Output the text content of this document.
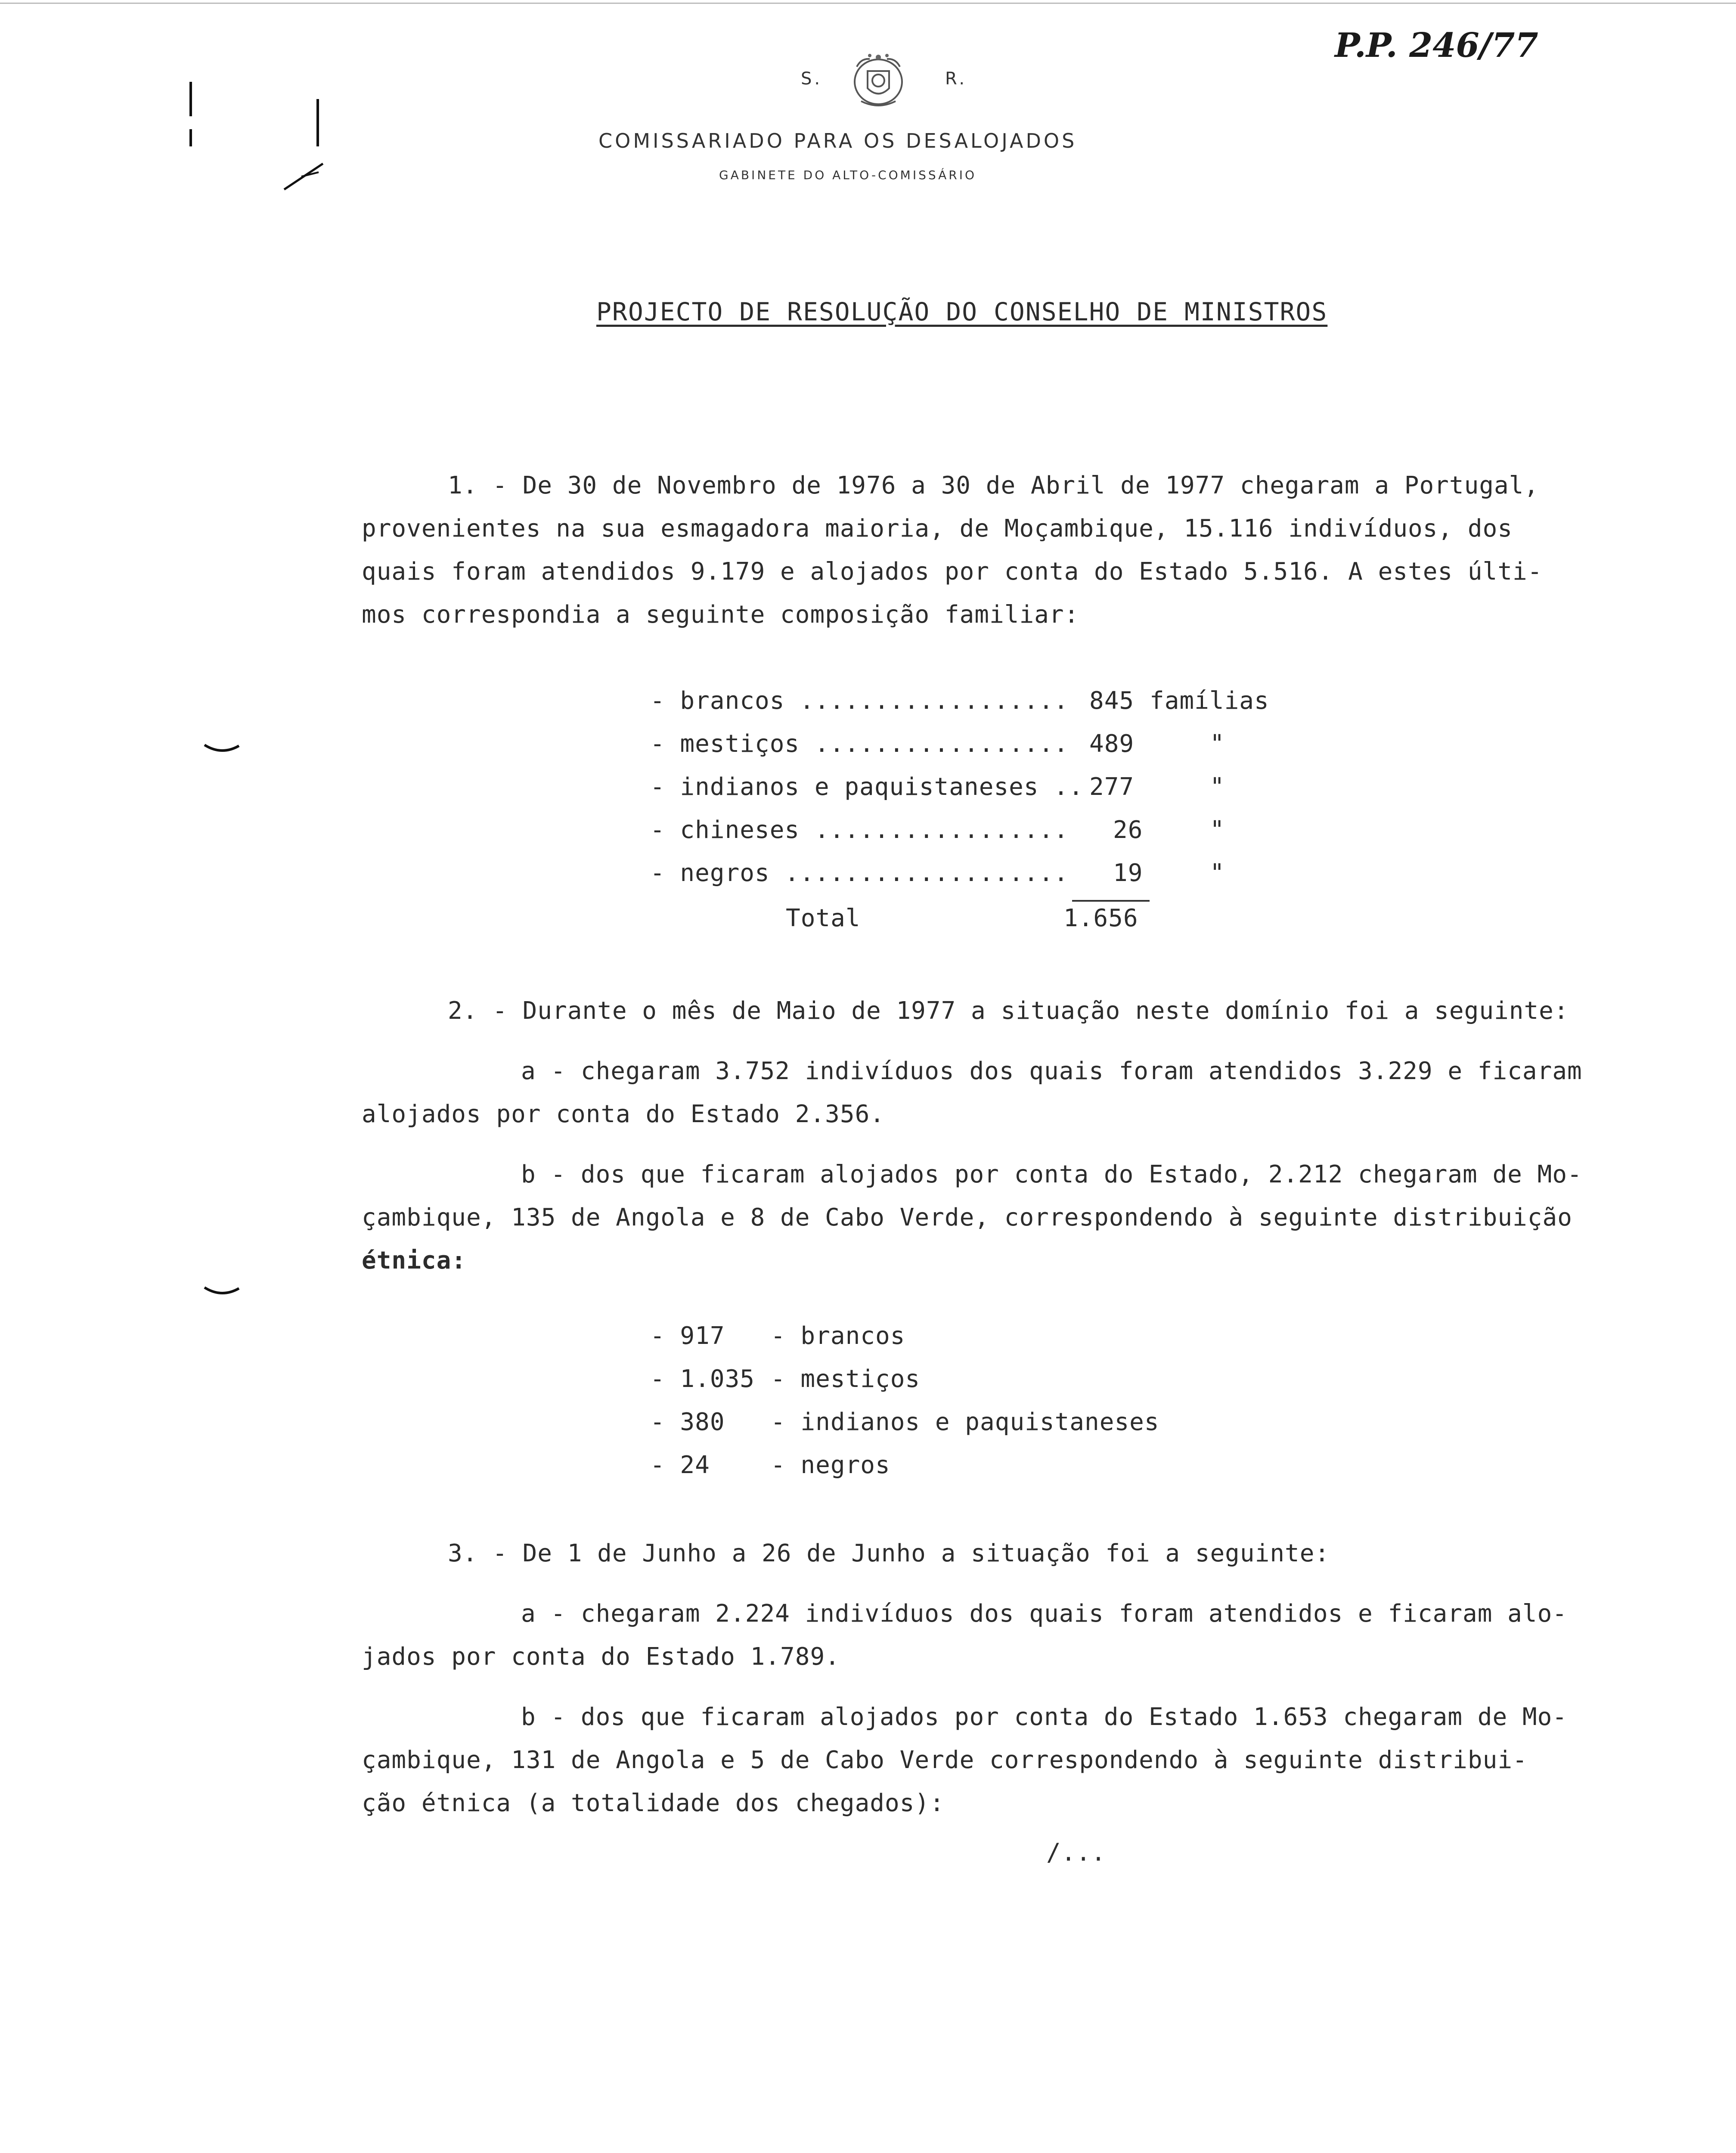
P.P. 246/77
S.	R.
COMISSARIADO PARA OS DESALOJADOS
GABINETE DO ALTO-COMISSÁRIO
PROJECTO DE RESOLUÇÃO DO CONSELHO DE MINISTROS
1. - De 30 de Novembro de 1976 a 30 de Abril de 1977 chegaram a Portugal,
provenientes na sua esmagadora maioria, de Moçambique, 15.116 indivíduos, dos
quais foram atendidos 9.179 e alojados por conta do Estado 5.516. A estes últi-
mos correspondia a seguinte composição familiar:
- brancos .................. 845 famílias
- mestiços ................. 489	"
- indianos e paquistaneses .. 277	"
- chineses ................. 26	"
- negros ................... 19	"
Total	1.656
2. - Durante o mês de Maio de 1977 a situação neste domínio foi a seguinte:
a - chegaram 3.752 indivíduos dos quais foram atendidos 3.229 e ficaram
alojados por conta do Estado 2.356.
b - dos que ficaram alojados por conta do Estado, 2.212 chegaram de Mo-
çambique, 135 de Angola e 8 de Cabo Verde, correspondendo à seguinte distribuição
étnica:
- 917 - brancos
- 1.035 - mestiços
- 380 - indianos e paquistaneses
- 24	- negros
3. - De 1 de Junho a 26 de Junho a situação foi a seguinte:
a - chegaram 2.224 indivíduos dos quais foram atendidos e ficaram alo-
jados por conta do Estado 1.789.
b - dos que ficaram alojados por conta do Estado 1.653 chegaram de Mo-
çambique, 131 de Angola e 5 de Cabo Verde correspondendo à seguinte distribui-
ção étnica (a totalidade dos chegados):
/...
